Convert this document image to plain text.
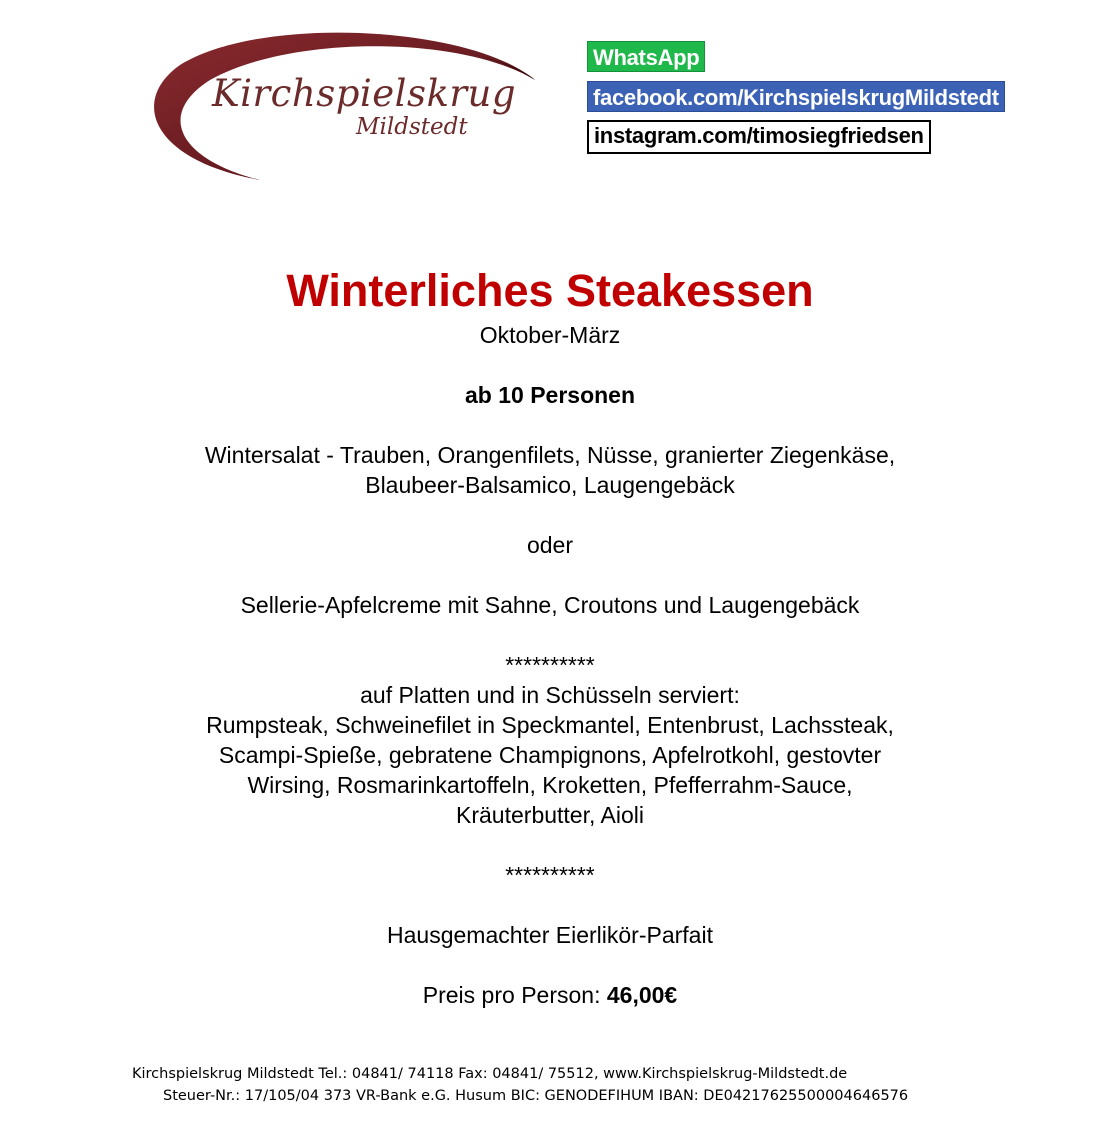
Kirchspielskrug
Mildstedt
WhatsApp
facebook.com/KirchspielskrugMildstedt
instagram.com/timosiegfriedsen

Winterliches Steakessen

Oktober-März

ab 10 Personen

Wintersalat - Trauben, Orangenfilets, Nüsse, granierter Ziegenkäse,

Blaubeer-Balsamico, Laugengebäck

oder

Sellerie-Apfelcreme mit Sahne, Croutons und Laugengebäck

**********

auf Platten und in Schüsseln serviert:

Rumpsteak, Schweinefilet in Speckmantel, Entenbrust, Lachssteak,

Scampi-Spieße, gebratene Champignons, Apfelrotkohl, gestovter

Wirsing, Rosmarinkartoffeln, Kroketten, Pfefferrahm-Sauce,

Kräuterbutter, Aioli

**********

Hausgemachter Eierlikör-Parfait

Preis pro Person: 46,00€

Kirchspielskrug Mildstedt Tel.: 04841/ 74118 Fax: 04841/ 75512, www.Kirchspielskrug-Mildstedt.de
Steuer-Nr.: 17/105/04 373 VR-Bank e.G. Husum BIC: GENODEFIHUM IBAN: DE04217625500004646576
